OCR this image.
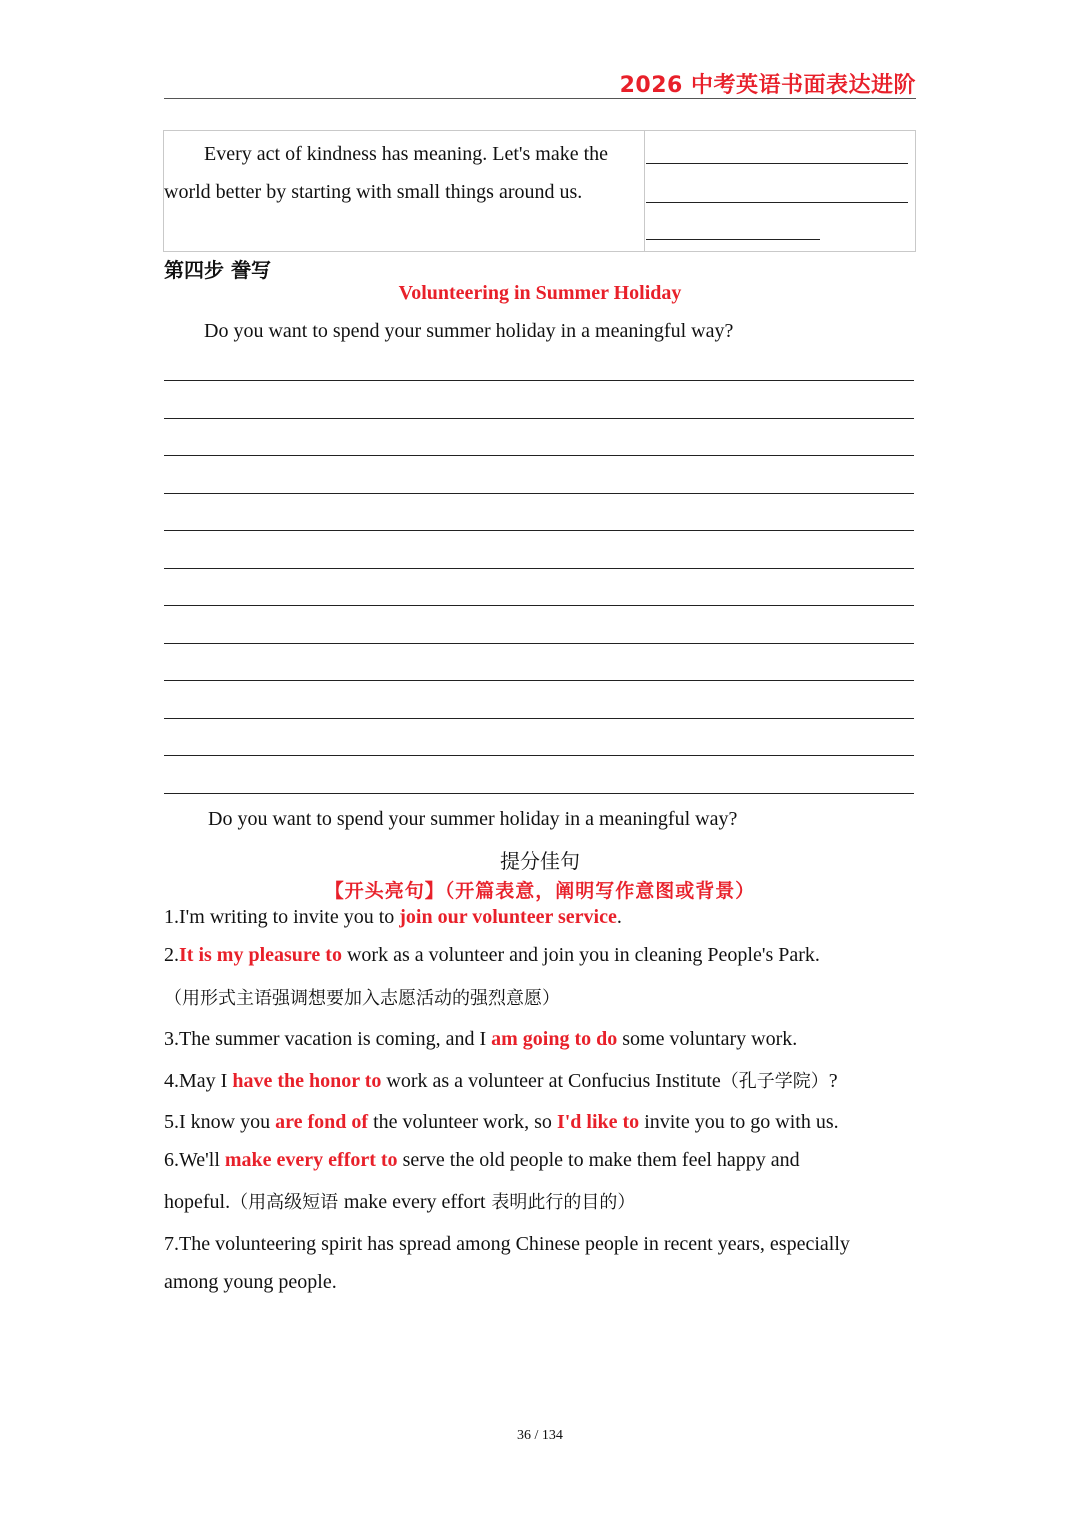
2026 中考英语书面表达进阶
Every act of kindness has meaning. Let's make the
world better by starting with small things around us.
第四步 誊写
Volunteering in Summer Holiday
Do you want to spend your summer holiday in a meaningful way?
Do you want to spend your summer holiday in a meaningful way?
提分佳句
【开头亮句】（开篇表意，阐明写作意图或背景）
1.I'm writing to invite you to join our volunteer service.
2.It is my pleasure to work as a volunteer and join you in cleaning People's Park.
（用形式主语强调想要加入志愿活动的强烈意愿）
3.The summer vacation is coming, and I am going to do some voluntary work.
4.May I have the honor to work as a volunteer at Confucius Institute（孔子学院）?
5.I know you are fond of the volunteer work, so I'd like to invite you to go with us.
6.We'll make every effort to serve the old people to make them feel happy and
hopeful.（用高级短语 make every effort 表明此行的目的）
7.The volunteering spirit has spread among Chinese people in recent years, especially
among young people.
36 / 134
